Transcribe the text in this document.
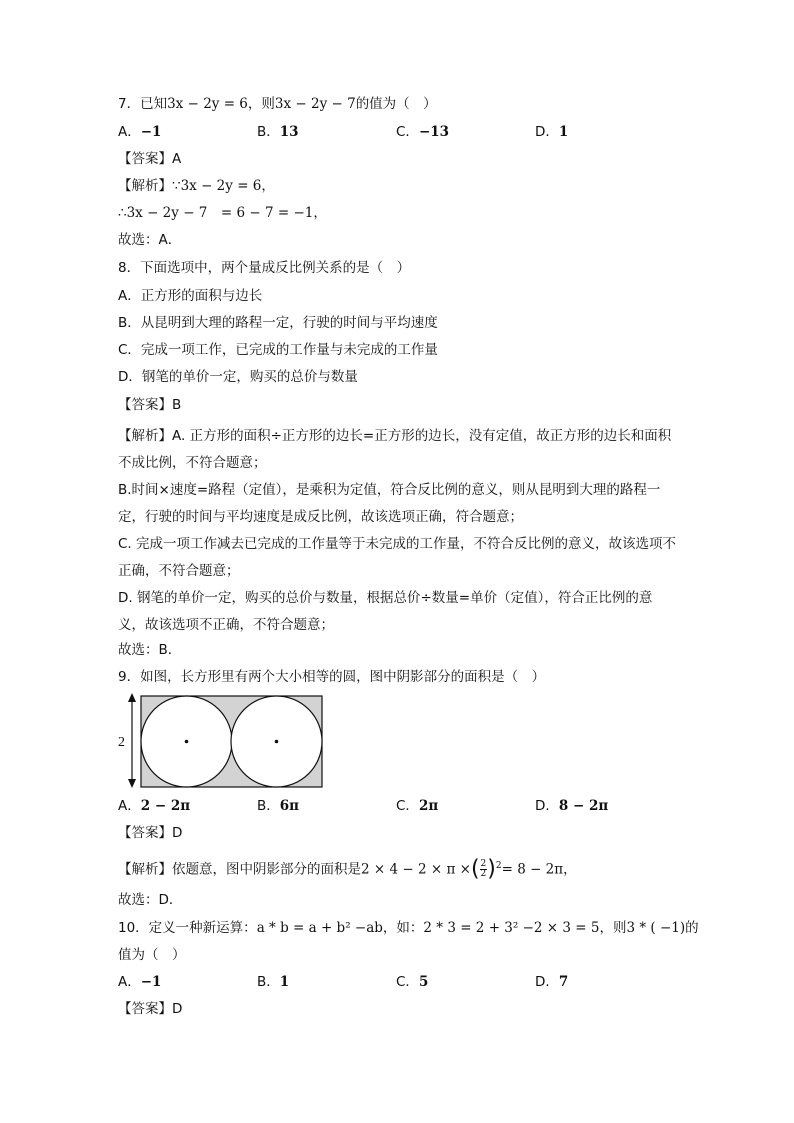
7．已知3x − 2y = 6，则3x − 2y − 7的值为（　）
A．−1	B．13	C．−13	D．1
【答案】A
【解析】∵3x − 2y = 6，
∴3x − 2y − 7　= 6 − 7 = −1，
故选：A．
8．下面选项中，两个量成反比例关系的是（　）
A．正方形的面积与边长
B．从昆明到大理的路程一定，行驶的时间与平均速度
C．完成一项工作，已完成的工作量与未完成的工作量
D．钢笔的单价一定，购买的总价与数量
【答案】B
【解析】A. 正方形的面积÷正方形的边长=正方形的边长，没有定值，故正方形的边长和面积不成比例，不符合题意；
B.时间×速度=路程（定值），是乘积为定值，符合反比例的意义，则从昆明到大理的路程一定，行驶的时间与平均速度是成反比例，故该选项正确，符合题意；
C. 完成一项工作减去已完成的工作量等于未完成的工作量，不符合反比例的意义，故该选项不正确，不符合题意；
D. 钢笔的单价一定，购买的总价与数量，根据总价÷数量=单价（定值），符合正比例的意义，故该选项不正确，不符合题意；
故选：B．
9．如图，长方形里有两个大小相等的圆，图中阴影部分的面积是（　）
2
A．2 − 2π	B．6π	C．2π	D．8 − 2π
【答案】D
【解析】依题意，图中阴影部分的面积是2 × 4 − 2 × π ×( $\frac{2}{2} )^2= 8 - 2\pi$，
故选：D．
10．定义一种新运算：a * b = a + b² −ab，如：2 * 3 = 2 + 3² −2 × 3 = 5，则3 * ( −1)的
值为（　）
A．−1	B．1	C．5	D．7
【答案】D
